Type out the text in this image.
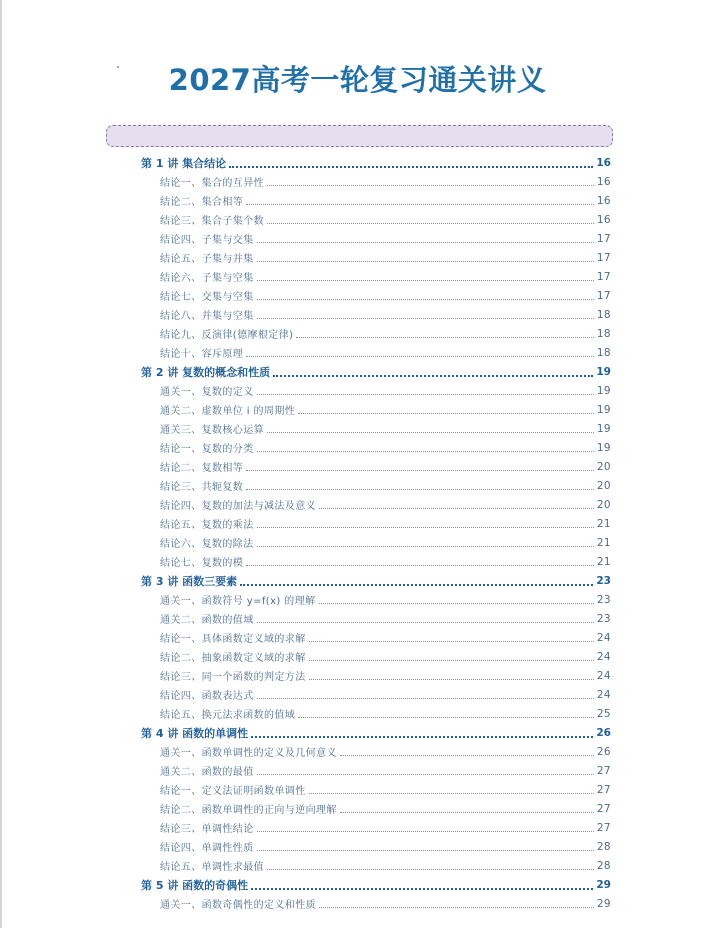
2027高考一轮复习通关讲义
第 1 讲 集合结论	16
结论一、集合的互异性	16
结论二、集合相等	16
结论三、集合子集个数	16
结论四、子集与交集	17
结论五、子集与并集	17
结论六、子集与空集	17
结论七、交集与空集	17
结论八、并集与空集	18
结论九、反演律(德摩根定律)	18
结论十、容斥原理	18
第 2 讲 复数的概念和性质	19
通关一、复数的定义	19
通关二、虚数单位 i 的周期性	19
通关三、复数核心运算	19
结论一、复数的分类	19
结论二、复数相等	20
结论三、共轭复数	20
结论四、复数的加法与减法及意义	20
结论五、复数的乘法	21
结论六、复数的除法	21
结论七、复数的模	21
第 3 讲 函数三要素	23
通关一、函数符号 y=f(x) 的理解	23
通关二、函数的值域	23
结论一、具体函数定义域的求解	24
结论二、抽象函数定义域的求解	24
结论三、同一个函数的判定方法	24
结论四、函数表达式	24
结论五、换元法求函数的值域	25
第 4 讲 函数的单调性	26
通关一、函数单调性的定义及几何意义	26
通关二、函数的最值	27
结论一、定义法证明函数单调性	27
结论二、函数单调性的正向与逆向理解	27
结论三、单调性结论	27
结论四、单调性性质	28
结论五、单调性求最值	28
第 5 讲 函数的奇偶性	29
通关一、函数奇偶性的定义和性质	29
